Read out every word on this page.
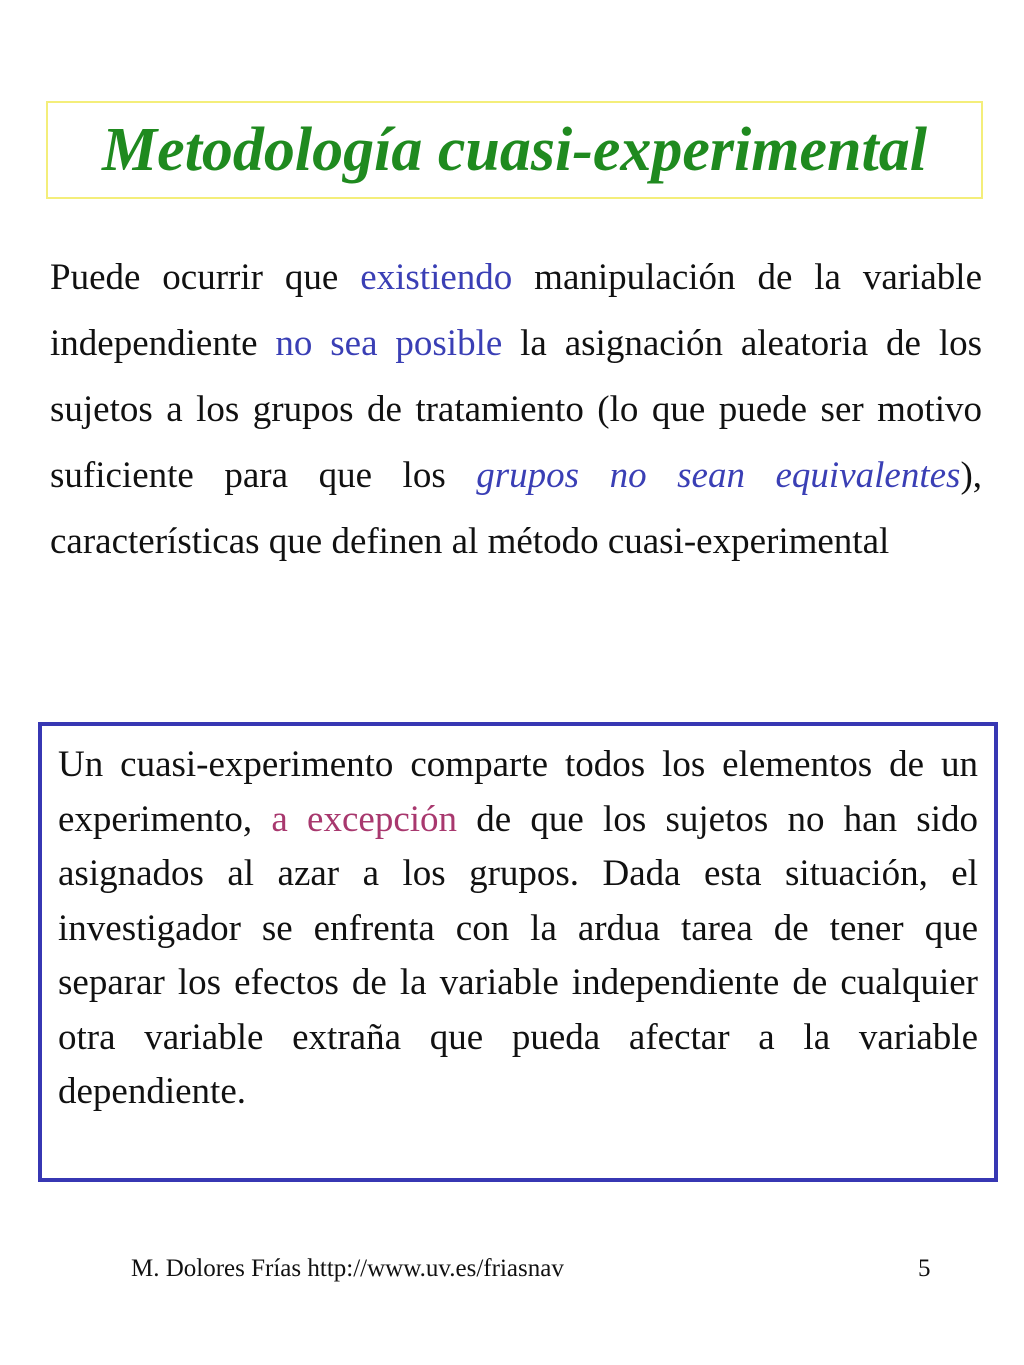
Metodología cuasi-experimental

Puede ocurrir que existiendo manipulación de la variable independiente no sea posible la asignación aleatoria de los sujetos a los grupos de tratamiento (lo que puede ser motivo suficiente para que los grupos no sean equivalentes), características que definen al método cuasi-experimental

Un cuasi-experimento comparte todos los elementos de un experimento, a excepción de que los sujetos no han sido asignados al azar a los grupos. Dada esta situación, el investigador se enfrenta con la ardua tarea de tener que separar los efectos de la variable independiente de cualquier otra variable extraña que pueda afectar a la variable dependiente.

M. Dolores Frías http://www.uv.es/friasnav	5
